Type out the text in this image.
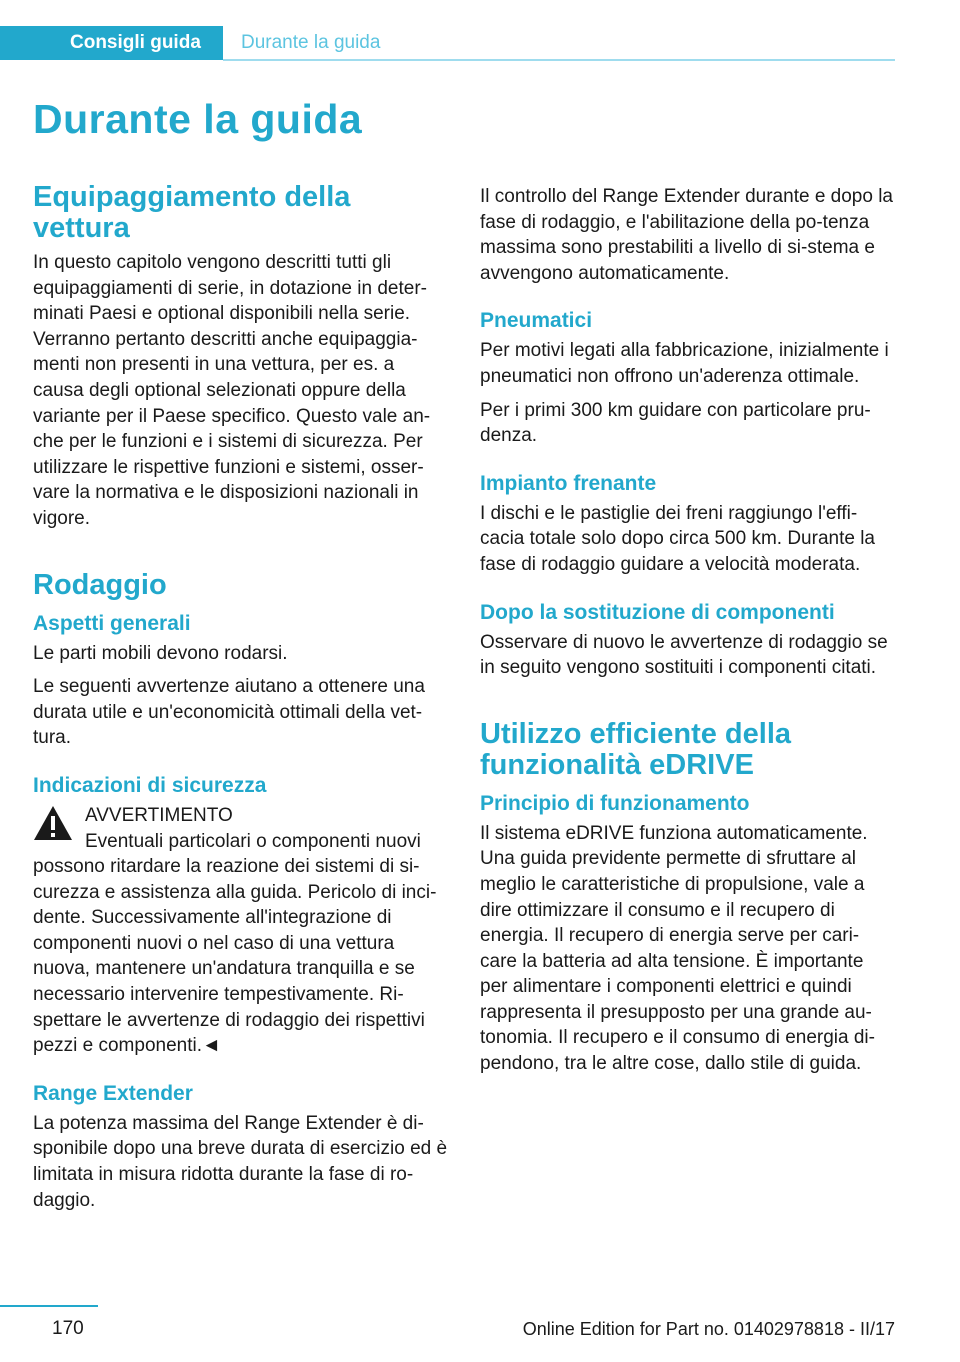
Consigli guida	Durante la guida
Durante la guida
Equipaggiamento della vettura

In questo capitolo vengono descritti tutti gli equipaggiamenti di serie, in dotazione in deter-minati Paesi e optional disponibili nella serie. Verranno pertanto descritti anche equipaggia-menti non presenti in una vettura, per es. a causa degli optional selezionati oppure della variante per il Paese specifico. Questo vale an-che per le funzioni e i sistemi di sicurezza. Per utilizzare le rispettive funzioni e sistemi, osser-vare la normativa e le disposizioni nazionali in vigore.

Rodaggio
Aspetti generali

Le parti mobili devono rodarsi.

Le seguenti avvertenze aiutano a ottenere una durata utile e un'economicità ottimali della vet-tura.

Indicazioni di sicurezza
AVVERTIMENTO
Eventuali particolari o componenti nuovi

possono ritardare la reazione dei sistemi di si-curezza e assistenza alla guida. Pericolo di inci-dente. Successivamente all'integrazione di componenti nuovi o nel caso di una vettura nuova, mantenere un'andatura tranquilla e se necessario intervenire tempestivamente. Ri-spettare le avvertenze di rodaggio dei rispettivi pezzi e componenti.◄

Range Extender

La potenza massima del Range Extender è di-sponibile dopo una breve durata di esercizio ed è limitata in misura ridotta durante la fase di ro-daggio.

Il controllo del Range Extender durante e dopo la fase di rodaggio, e l'abilitazione della po-tenza massima sono prestabiliti a livello di si-stema e avvengono automaticamente.

Pneumatici

Per motivi legati alla fabbricazione, inizialmente i pneumatici non offrono un'aderenza ottimale.

Per i primi 300 km guidare con particolare pru-denza.

Impianto frenante

I dischi e le pastiglie dei freni raggiungo l'effi-cacia totale solo dopo circa 500 km. Durante la fase di rodaggio guidare a velocità moderata.

Dopo la sostituzione di componenti

Osservare di nuovo le avvertenze di rodaggio se in seguito vengono sostituiti i componenti citati.

Utilizzo efficiente della funzionalità eDRIVE
Principio di funzionamento

Il sistema eDRIVE funziona automaticamente. Una guida previdente permette di sfruttare al meglio le caratteristiche di propulsione, vale a dire ottimizzare il consumo e il recupero di energia. Il recupero di energia serve per cari-care la batteria ad alta tensione. È importante per alimentare i componenti elettrici e quindi rappresenta il presupposto per una grande au-tonomia. Il recupero e il consumo di energia di-pendono, tra le altre cose, dallo stile di guida.

170	Online Edition for Part no. 01402978818 - II/17
